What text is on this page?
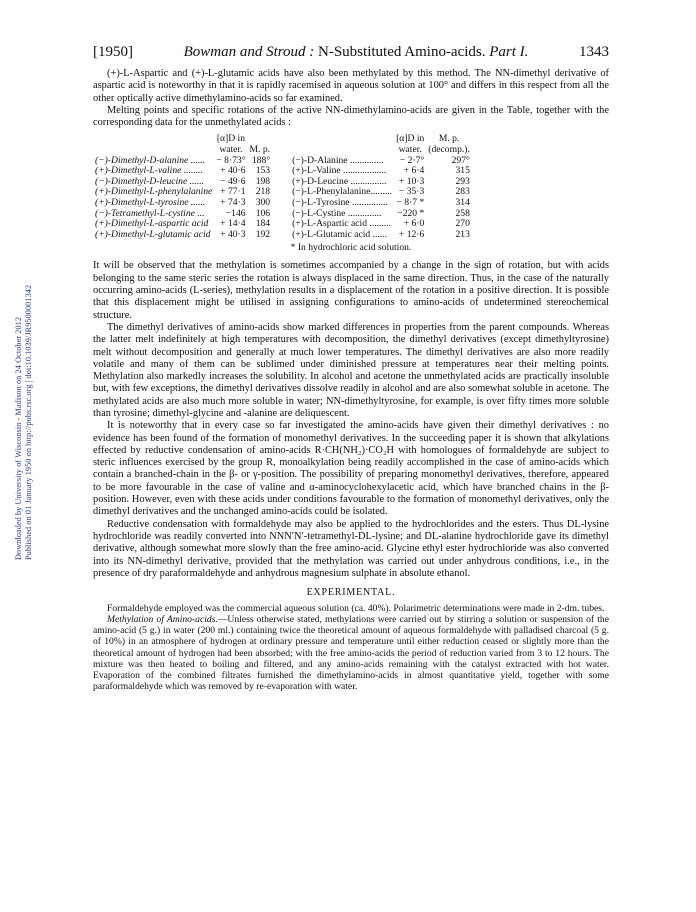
Downloaded by University of Wisconsin - Madison on 24 October 2012 Published on 01 January 1950 on http://pubs.rsc.org | doi:10.1039/JR9500001342
[1950]	Bowman and Stroud : N-Substituted Amino-acids. Part I.	1343

(+)-L-Aspartic and (+)-L-glutamic acids have also been methylated by this method. The NN-dimethyl derivative of aspartic acid is noteworthy in that it is rapidly racemised in aqueous solution at 100° and differs in this respect from all the other optically active dimethylamino-acids so far examined.

Melting points and specific rotations of the active NN-dimethylamino-acids are given in the Table, together with the corresponding data for the unmethylated acids :

	[α]D in
water.	M. p.			[α]D in
water.	M. p.
(decomp.).
(−)-Dimethyl-D-alanine ......	− 8·73°	188°		(−)-D-Alanine ..............	− 2·7°	297°
(+)-Dimethyl-L-valine ........	+ 40·6	153		(+)-L-Valine ..................	+ 6·4	315
(−)-Dimethyl-D-leucine ......	− 49·6	198		(+)-D-Leucine ...............	+ 10·3	293
(+)-Dimethyl-L-phenylalanine	+ 77·1	218		(−)-L-Phenylalanine.........	− 35·3	283
(+)-Dimethyl-L-tyrosine ......	+ 74·3	300		(−)-L-Tyrosine ...............	− 8·7 *	314
(−)-Tetramethyl-L-cystine ...	−146	106		(−)-L-Cystine ..............	−220 *	258
(+)-Dimethyl-L-aspartic acid	+ 14·4	184		(+)-L-Aspartic acid .........	+ 6·0	270
(+)-Dimethyl-L-glutamic acid	+ 40·3	192		(+)-L-Glutamic acid ......	+ 12·6	213
* In hydrochloric acid solution.

It will be observed that the methylation is sometimes accompanied by a change in the sign of rotation, but with acids belonging to the same steric series the rotation is always displaced in the same direction. Thus, in the case of the naturally occurring amino-acids (L-series), methylation results in a displacement of the rotation in a positive direction. It is possible that this displacement might be utilised in assigning configurations to amino-acids of undetermined stereochemical structure.

The dimethyl derivatives of amino-acids show marked differences in properties from the parent compounds. Whereas the latter melt indefinitely at high temperatures with decomposition, the dimethyl derivatives (except dimethyltyrosine) melt without decomposition and generally at much lower temperatures. The dimethyl derivatives are also more readily volatile and many of them can be sublimed under diminished pressure at temperatures near their melting points. Methylation also markedly increases the solubility. In alcohol and acetone the unmethylated acids are practically insoluble but, with few exceptions, the dimethyl derivatives dissolve readily in alcohol and are also somewhat soluble in acetone. The methylated acids are also much more soluble in water; NN-dimethyltyrosine, for example, is over fifty times more soluble than tyrosine; dimethyl-glycine and -alanine are deliquescent.

It is noteworthy that in every case so far investigated the amino-acids have given their dimethyl derivatives : no evidence has been found of the formation of monomethyl derivatives. In the succeeding paper it is shown that alkylations effected by reductive condensation of amino-acids R·CH(NH₂)·CO₂H with homologues of formaldehyde are subject to steric influences exercised by the group R, monoalkylation being readily accomplished in the case of amino-acids which contain a branched-chain in the β- or γ-position. The possibility of preparing monomethyl derivatives, therefore, appeared to be more favourable in the case of valine and α-aminocyclohexylacetic acid, which have branched chains in the β-position. However, even with these acids under conditions favourable to the formation of monomethyl derivatives, only the dimethyl derivatives and the unchanged amino-acids could be isolated.

Reductive condensation with formaldehyde may also be applied to the hydrochlorides and the esters. Thus DL-lysine hydrochloride was readily converted into NNN′N′-tetramethyl-DL-lysine; and DL-alanine hydrochloride gave its dimethyl derivative, although somewhat more slowly than the free amino-acid. Glycine ethyl ester hydrochloride was also converted into its NN-dimethyl derivative, provided that the methylation was carried out under anhydrous conditions, i.e., in the presence of dry paraformaldehyde and anhydrous magnesium sulphate in absolute ethanol.

EXPERIMENTAL.

Formaldehyde employed was the commercial aqueous solution (ca. 40%). Polarimetric determinations were made in 2-dm. tubes.

Methylation of Amino-acids.—Unless otherwise stated, methylations were carried out by stirring a solution or suspension of the amino-acid (5 g.) in water (200 ml.) containing twice the theoretical amount of aqueous formaldehyde with palladised charcoal (5 g. of 10%) in an atmosphere of hydrogen at ordinary pressure and temperature until either reduction ceased or slightly more than the theoretical amount of hydrogen had been absorbed; with the free amino-acids the period of reduction varied from 3 to 12 hours. The mixture was then heated to boiling and filtered, and any amino-acids remaining with the catalyst extracted with hot water. Evaporation of the combined filtrates furnished the dimethylamino-acids in almost quantitative yield, together with some paraformaldehyde which was removed by re-evaporation with water.
